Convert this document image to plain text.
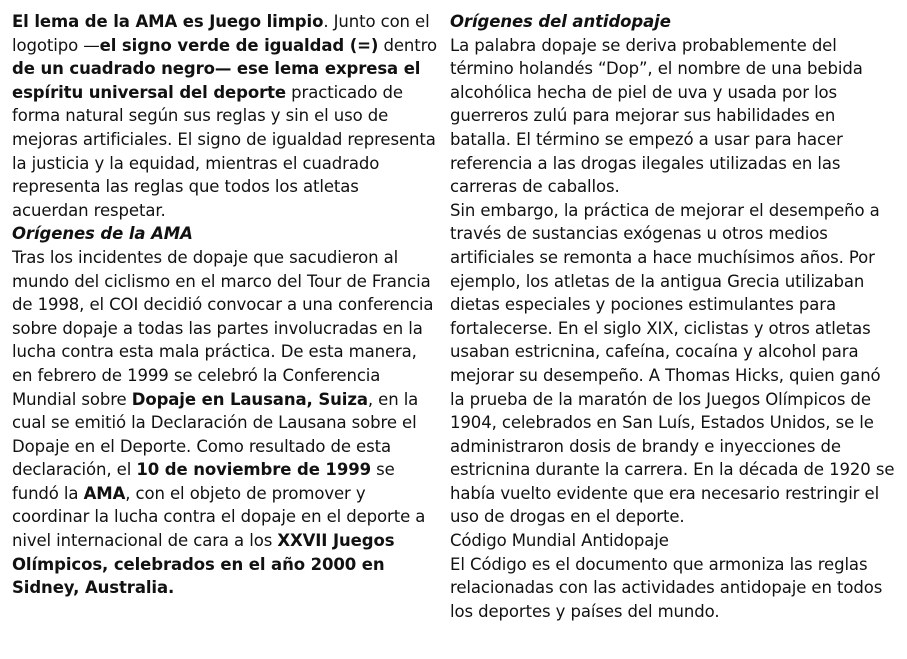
El lema de la AMA es Juego limpio. Junto con el logotipo —el signo verde de igualdad (=) dentro de un cuadrado negro— ese lema expresa el espíritu universal del deporte practicado de forma natural según sus reglas y sin el uso de mejoras artificiales. El signo de igualdad representa la justicia y la equidad, mientras el cuadrado representa las reglas que todos los atletas acuerdan respetar.

Orígenes de la AMA

Tras los incidentes de dopaje que sacudieron al mundo del ciclismo en el marco del Tour de Francia de 1998, el COI decidió convocar a una conferencia sobre dopaje a todas las partes involucradas en la lucha contra esta mala práctica. De esta manera, en febrero de 1999 se celebró la Conferencia Mundial sobre Dopaje en Lausana, Suiza, en la cual se emitió la Declaración de Lausana sobre el Dopaje en el Deporte. Como resultado de esta declaración, el 10 de noviembre de 1999 se fundó la AMA, con el objeto de promover y coordinar la lucha contra el dopaje en el deporte a nivel internacional de cara a los XXVII Juegos Olímpicos, celebrados en el año 2000 en Sidney, Australia.

Orígenes del antidopaje

La palabra dopaje se deriva probablemente del término holandés “Dop”, el nombre de una bebida alcohólica hecha de piel de uva y usada por los guerreros zulú para mejorar sus habilidades en batalla. El término se empezó a usar para hacer referencia a las drogas ilegales utilizadas en las carreras de caballos.

Sin embargo, la práctica de mejorar el desempeño a través de sustancias exógenas u otros medios artificiales se remonta a hace muchísimos años. Por ejemplo, los atletas de la antigua Grecia utilizaban dietas especiales y pociones estimulantes para fortalecerse. En el siglo XIX, ciclistas y otros atletas usaban estricnina, cafeína, cocaína y alcohol para mejorar su desempeño. A Thomas Hicks, quien ganó la prueba de la maratón de los Juegos Olímpicos de 1904, celebrados en San Luís, Estados Unidos, se le administraron dosis de brandy e inyecciones de estricnina durante la carrera. En la década de 1920 se había vuelto evidente que era necesario restringir el uso de drogas en el deporte.

Código Mundial Antidopaje

El Código es el documento que armoniza las reglas relacionadas con las actividades antidopaje en todos los deportes y países del mundo.
